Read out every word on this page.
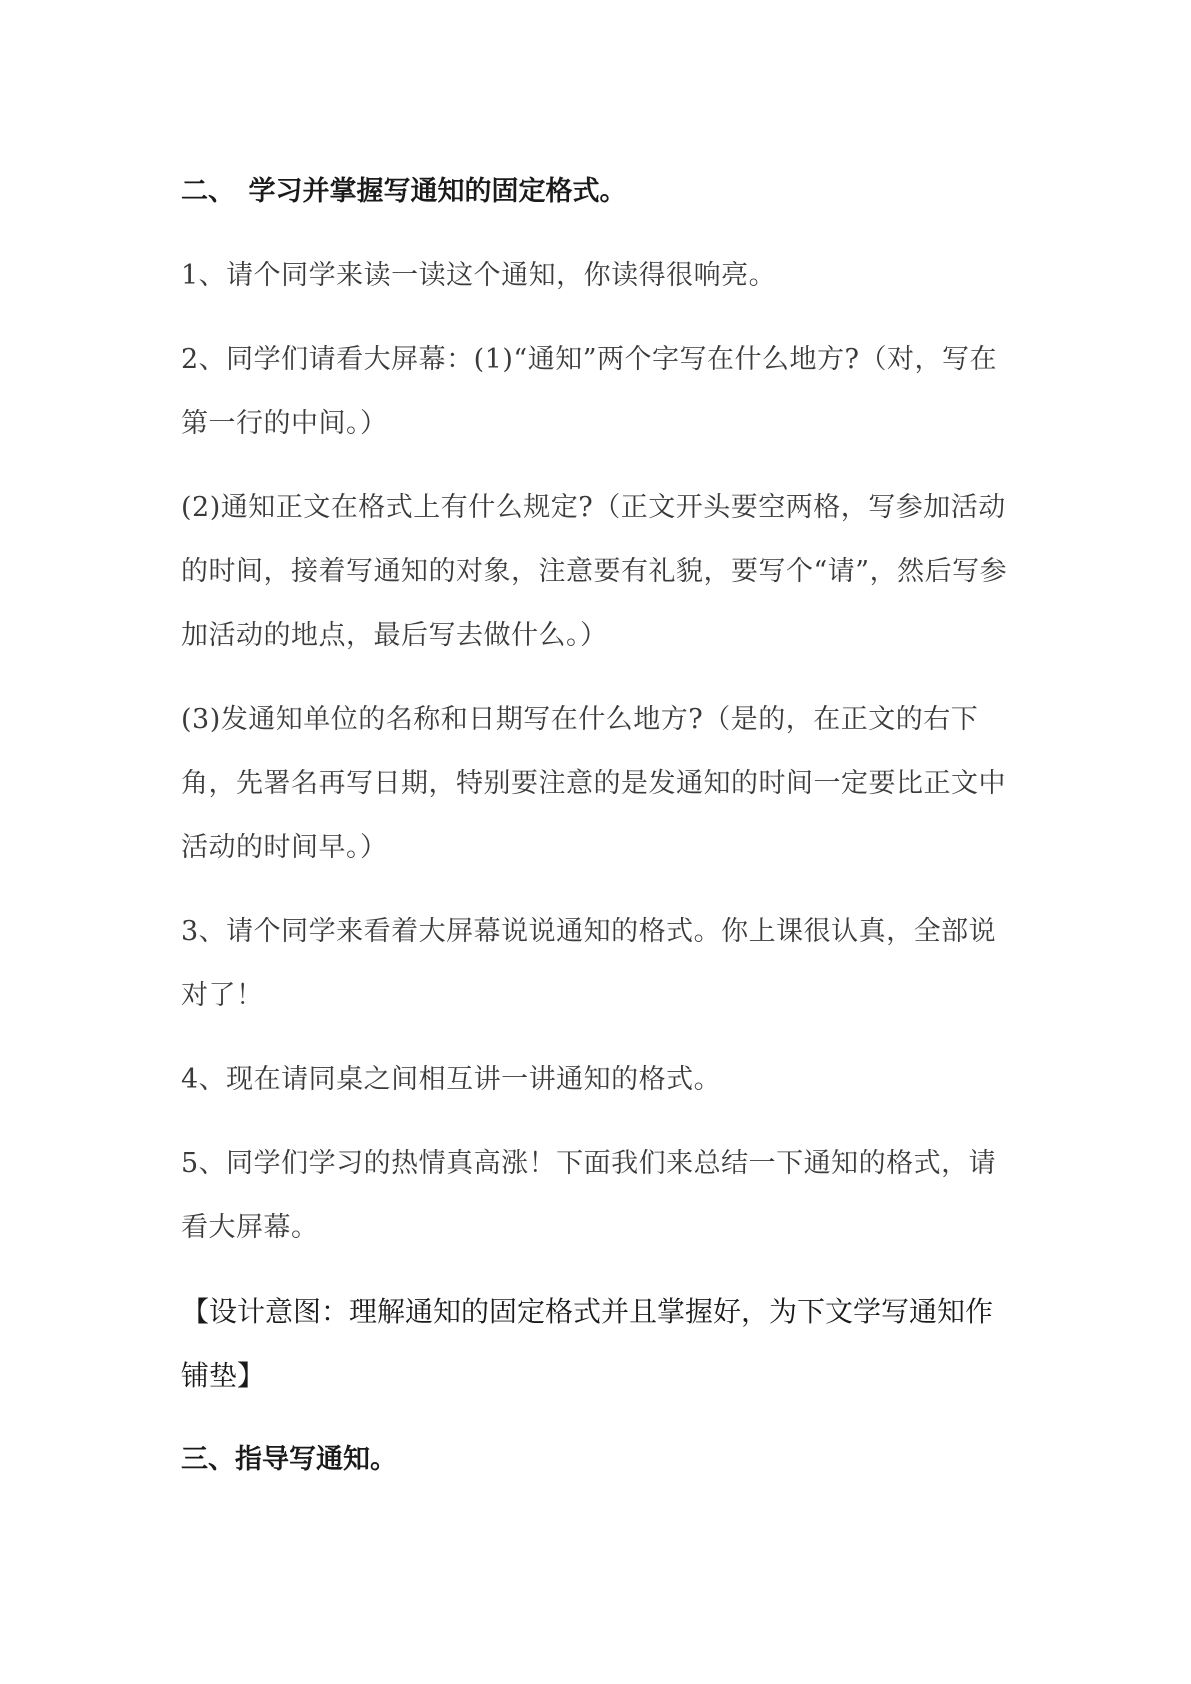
二、　学习并掌握写通知的固定格式。

1、请个同学来读一读这个通知，你读得很响亮。

2、同学们请看大屏幕：(1)“通知”两个字写在什么地方?（对，写在第一行的中间。）

(2)通知正文在格式上有什么规定?（正文开头要空两格，写参加活动的时间，接着写通知的对象，注意要有礼貌，要写个“请”，然后写参加活动的地点，最后写去做什么。）

(3)发通知单位的名称和日期写在什么地方?（是的，在正文的右下角，先署名再写日期，特别要注意的是发通知的时间一定要比正文中活动的时间早。）

3、请个同学来看着大屏幕说说通知的格式。你上课很认真，全部说对了！

4、现在请同桌之间相互讲一讲通知的格式。

5、同学们学习的热情真高涨！下面我们来总结一下通知的格式，请看大屏幕。

【设计意图：理解通知的固定格式并且掌握好，为下文学写通知作铺垫】

三、指导写通知。
